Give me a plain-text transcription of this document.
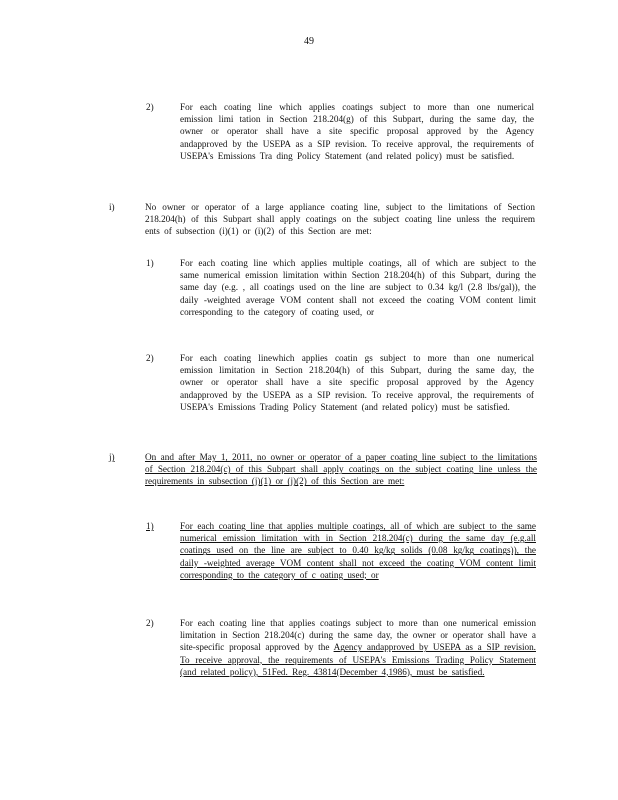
49
2)	For each coating line which applies coatings subject to more than one numerical emission limi tation in Section 218.204(g) of this Subpart, during the same day, the owner or operator shall have a site specific proposal approved by the Agency andapproved by the USEPA as a SIP revision. To receive approval, the requirements of USEPA's Emissions Tra ding Policy Statement (and related policy) must be satisfied.
i)	No owner or operator of a large appliance coating line, subject to the limitations of Section 218.204(h) of this Subpart shall apply coatings on the subject coating line unless the requirem ents of subsection (i)(1) or (i)(2) of this Section are met:
1)	For each coating line which applies multiple coatings, all of which are subject to the same numerical emission limitation within Section 218.204(h) of this Subpart, during the same day (e.g. , all coatings used on the line are subject to 0.34 kg/l (2.8 lbs/gal)), the daily -weighted average VOM content shall not exceed the coating VOM content limit corresponding to the category of coating used, or
2)	For each coating linewhich applies coatin gs subject to more than one numerical emission limitation in Section 218.204(h) of this Subpart, during the same day, the owner or operator shall have a site specific proposal approved by the Agency andapproved by the USEPA as a SIP revision. To receive approval, the requirements of USEPA's Emissions Trading Policy Statement (and related policy) must be satisfied.
j)	On and after May 1, 2011, no owner or operator of a paper coating line subject to the limitations of Section 218.204(c) of this Subpart shall apply coatings on the subject coating line unless the requirements in subsection (j)(1) or (j)(2) of this Section are met:
1)	For each coating line that applies multiple coatings, all of which are subject to the same numerical emission limitation with in Section 218.204(c) during the same day (e.g.all coatings used on the line are subject to 0.40 kg/kg solids (0.08 kg/kg coatings)), the daily -weighted average VOM content shall not exceed the coating VOM content limit corresponding to the category of c oating used; or
2)	For each coating line that applies coatings subject to more than one numerical emission limitation in Section 218.204(c) during the same day, the owner or operator shall have a site-specific proposal approved by the Agency andapproved by USEPA as a SIP revision. To receive approval, the requirements of USEPA's Emissions Trading Policy Statement (and related policy), 51Fed. Reg. 43814(December 4,1986), must be satisfied.
